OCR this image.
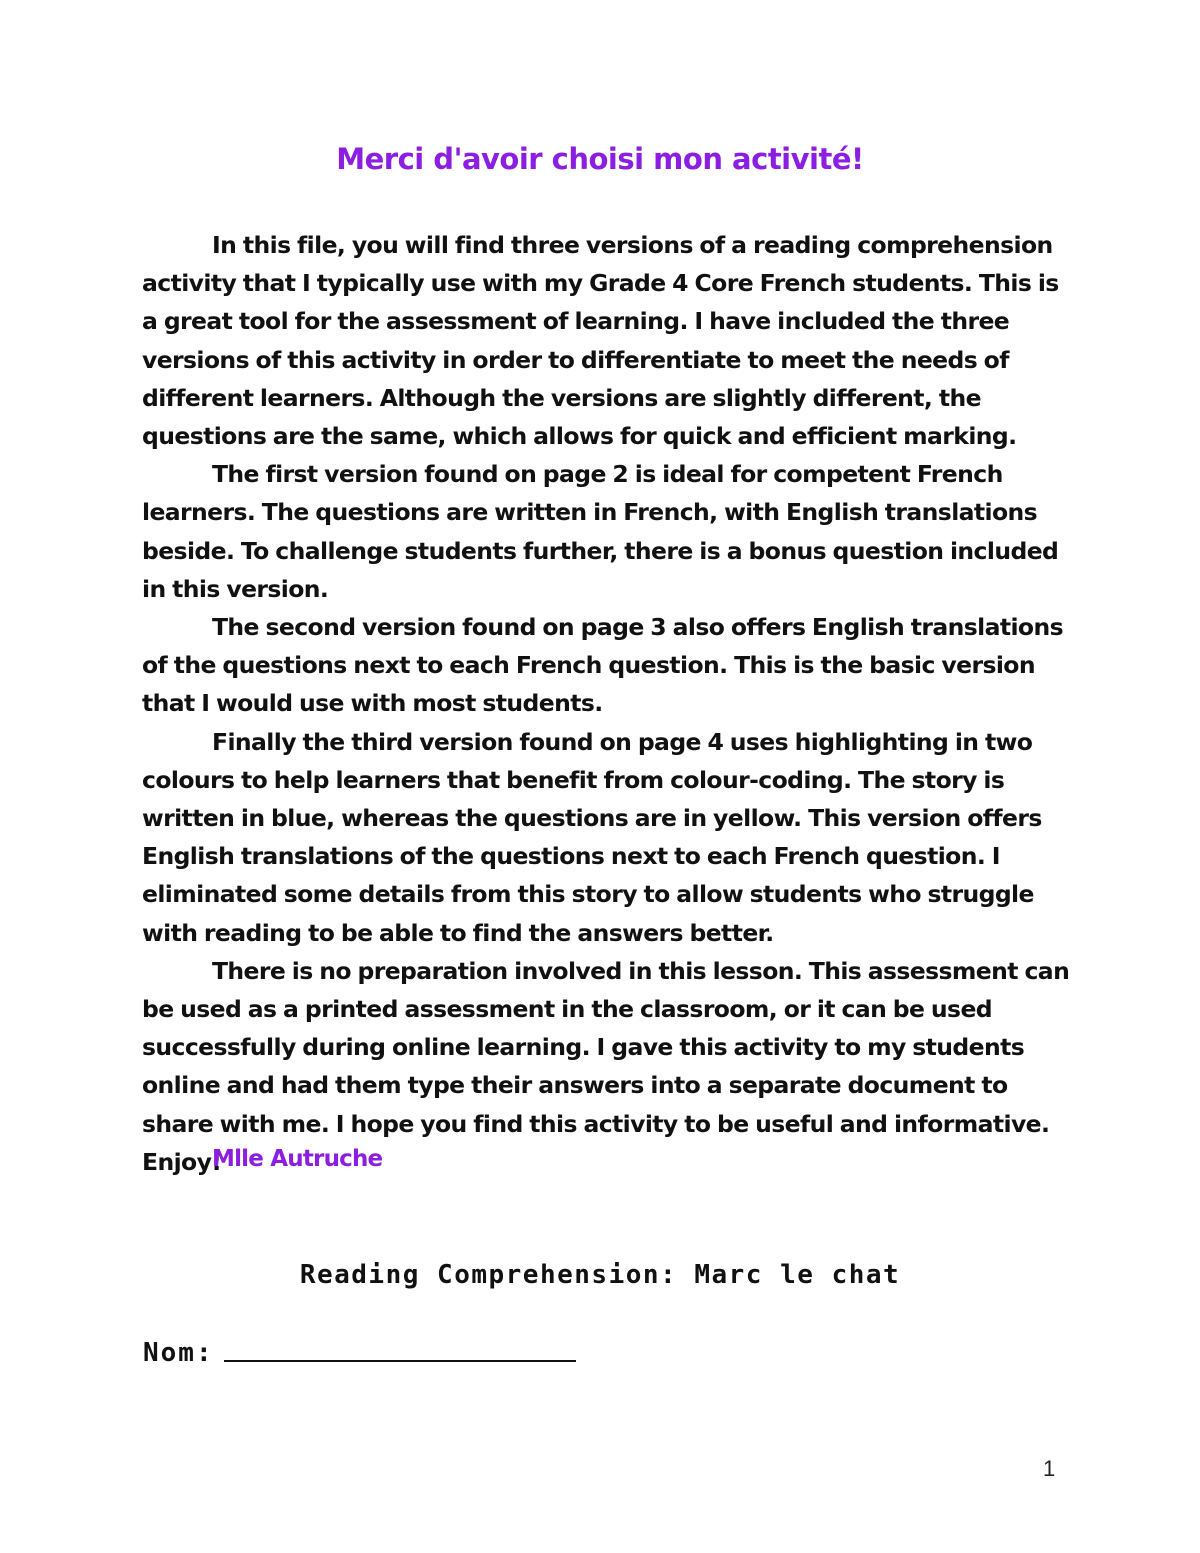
Merci d'avoir choisi mon activité!

In this file, you will find three versions of a reading comprehension activity that I typically use with my Grade 4 Core French students. This is a great tool for the assessment of learning. I have included the three versions of this activity in order to differentiate to meet the needs of different learners. Although the versions are slightly different, the questions are the same, which allows for quick and efficient marking.

The first version found on page 2 is ideal for competent French learners. The questions are written in French, with English translations beside. To challenge students further, there is a bonus question included in this version.

The second version found on page 3 also offers English translations of the questions next to each French question. This is the basic version that I would use with most students.

Finally the third version found on page 4 uses highlighting in two colours to help learners that benefit from colour-coding. The story is written in blue, whereas the questions are in yellow. This version offers English translations of the questions next to each French question. I eliminated some details from this story to allow students who struggle with reading to be able to find the answers better.

There is no preparation involved in this lesson. This assessment can be used as a printed assessment in the classroom, or it can be used successfully during online learning. I gave this activity to my students online and had them type their answers into a separate document to share with me. I hope you find this activity to be useful and informative. Enjoy!

Mlle Autruche
Reading Comprehension: Marc le chat
Nom:
1
